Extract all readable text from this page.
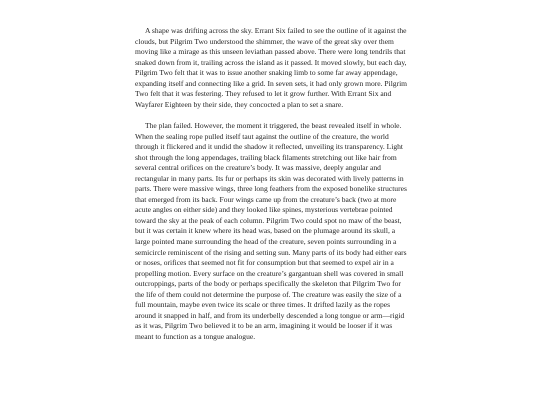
A shape was drifting across the sky. Errant Six failed to see the outline of it against the clouds, but Pilgrim Two understood the shimmer, the wave of the great sky over them moving like a mirage as this unseen leviathan passed above. There were long tendrils that snaked down from it, trailing across the island as it passed. It moved slowly, but each day, Pilgrim Two felt that it was to issue another snaking limb to some far away appendage, expanding itself and connecting like a grid. In seven sets, it had only grown more. Pilgrim Two felt that it was festering. They refused to let it grow further. With Errant Six and Wayfarer Eighteen by their side, they concocted a plan to set a snare.

The plan failed. However, the moment it triggered, the beast revealed itself in whole. When the sealing rope pulled itself taut against the outline of the creature, the world through it flickered and it undid the shadow it reflected, unveiling its transparency. Light shot through the long appendages, trailing black filaments stretching out like hair from several central orifices on the creature’s body. It was massive, deeply angular and rectangular in many parts. Its fur or perhaps its skin was decorated with lively patterns in parts. There were massive wings, three long feathers from the exposed bonelike structures that emerged from its back. Four wings came up from the creature’s back (two at more acute angles on either side) and they looked like spines, mysterious vertebrae pointed toward the sky at the peak of each column. Pilgrim Two could spot no maw of the beast, but it was certain it knew where its head was, based on the plumage around its skull, a large pointed mane surrounding the head of the creature, seven points surrounding in a semicircle reminiscent of the rising and setting sun. Many parts of its body had either ears or noses, orifices that seemed not fit for consumption but that seemed to expel air in a propelling motion. Every surface on the creature’s gargantuan shell was covered in small outcroppings, parts of the body or perhaps specifically the skeleton that Pilgrim Two for the life of them could not determine the purpose of. The creature was easily the size of a full mountain, maybe even twice its scale or three times. It drifted lazily as the ropes around it snapped in half, and from its underbelly descended a long tongue or arm—rigid as it was, Pilgrim Two believed it to be an arm, imagining it would be looser if it was meant to function as a tongue analogue.
